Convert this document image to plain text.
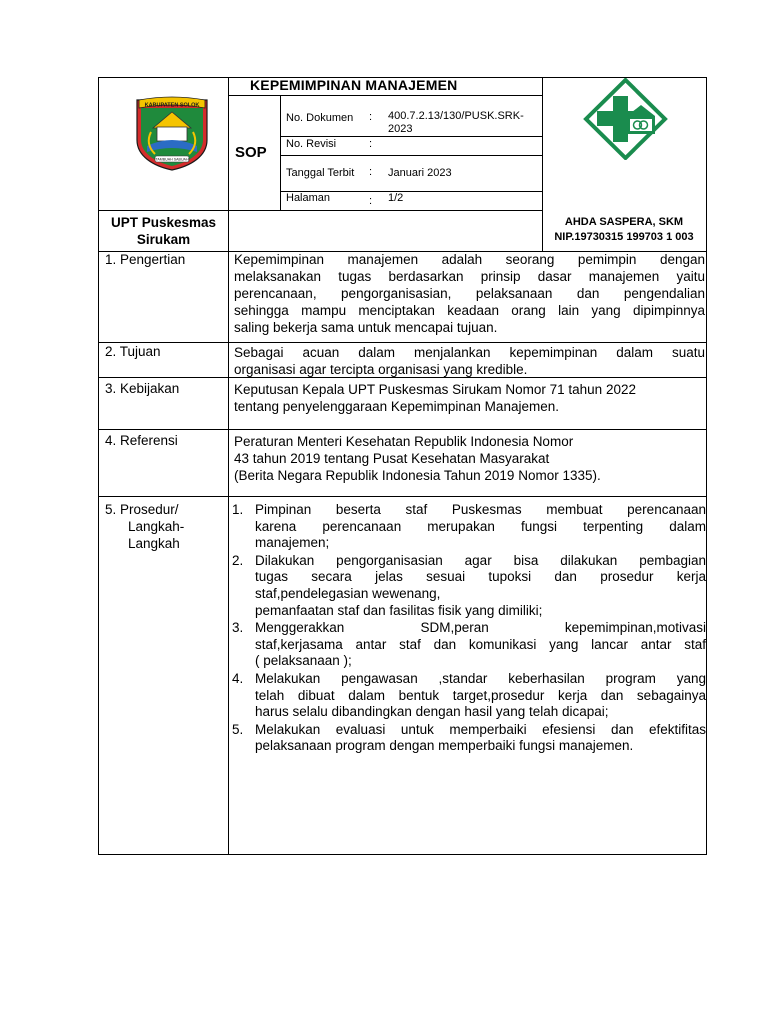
KABUPATEN SOLOK
TAMBUAH SABUAH
KEPEMIMPINAN MANAJEMEN
SOP
No. Dokumen : 400.7.2.13/130/PUSK.SRK-
2023
No. Revisi	:
Tanggal Terbit : Januari 2023
Halaman	: 1/2
UPT Puskesmas
Sirukam
AHDA SASPERA, SKM
NIP.19730315 199703 1 003
1. Pengertian
2. Tujuan
3. Kebijakan
4. Referensi
5. Prosedur/
Langkah-
Langkah
Kepemimpinan manajemen adalah seorang pemimpin dengan
melaksanakan tugas berdasarkan prinsip dasar manajemen yaitu
perencanaan, pengorganisasian, pelaksanaan dan pengendalian
sehingga mampu menciptakan keadaan orang lain yang dipimpinnya
saling bekerja sama untuk mencapai tujuan.
Sebagai acuan dalam menjalankan kepemimpinan dalam suatu
organisasi agar tercipta organisasi yang kredible.
Keputusan Kepala UPT Puskesmas Sirukam Nomor 71 tahun 2022
tentang penyelenggaraan Kepemimpinan Manajemen.
Peraturan Menteri Kesehatan Republik Indonesia Nomor
43 tahun 2019 tentang Pusat Kesehatan Masyarakat
(Berita Negara Republik Indonesia Tahun 2019 Nomor 1335).
1. Pimpinan beserta staf Puskesmas membuat perencanaan
karena perencanaan merupakan fungsi terpenting dalam
manajemen;
2. Dilakukan pengorganisasian agar bisa dilakukan pembagian
tugas secara jelas sesuai tupoksi dan prosedur kerja
staf,pendelegasian wewenang,
pemanfaatan staf dan fasilitas fisik yang dimiliki;
3. Menggerakkan SDM,peran kepemimpinan,motivasi
staf,kerjasama antar staf dan komunikasi yang lancar antar staf
( pelaksanaan );
4. Melakukan pengawasan ,standar keberhasilan program yang
telah dibuat dalam bentuk target,prosedur kerja dan sebagainya
harus selalu dibandingkan dengan hasil yang telah dicapai;
5. Melakukan evaluasi untuk memperbaiki efesiensi dan efektifitas
pelaksanaan program dengan memperbaiki fungsi manajemen.
